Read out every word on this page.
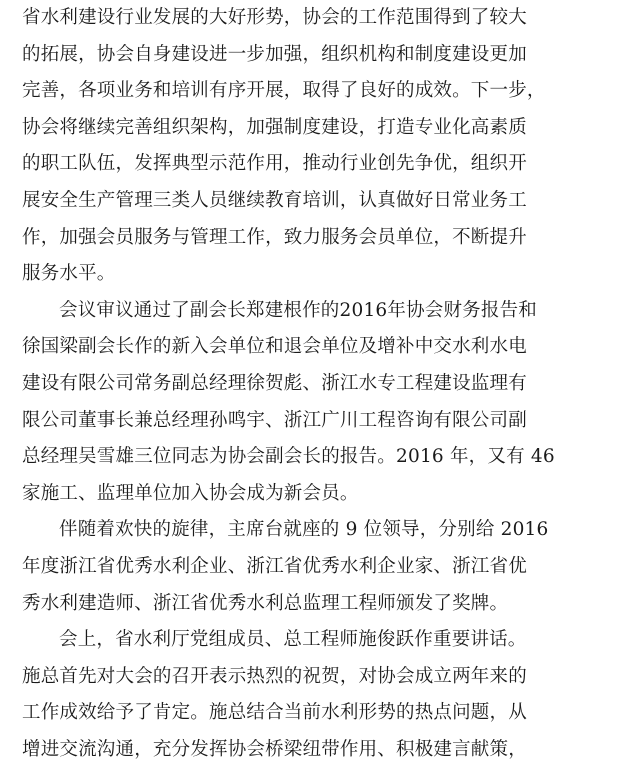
省水利建设行业发展的大好形势，协会的工作范围得到了较大
的拓展，协会自身建设进一步加强，组织机构和制度建设更加
完善，各项业务和培训有序开展，取得了良好的成效。下一步，
协会将继续完善组织架构，加强制度建设，打造专业化高素质
的职工队伍，发挥典型示范作用，推动行业创先争优，组织开
展安全生产管理三类人员继续教育培训，认真做好日常业务工
作，加强会员服务与管理工作，致力服务会员单位，不断提升
服务水平。
会议审议通过了副会长郑建根作的2016年协会财务报告和
徐国梁副会长作的新入会单位和退会单位及增补中交水利水电
建设有限公司常务副总经理徐贺彪、浙江水专工程建设监理有
限公司董事长兼总经理孙鸣宇、浙江广川工程咨询有限公司副
总经理吴雪雄三位同志为协会副会长的报告。2016 年，又有 46
家施工、监理单位加入协会成为新会员。
伴随着欢快的旋律，主席台就座的 9 位领导，分别给 2016
年度浙江省优秀水利企业、浙江省优秀水利企业家、浙江省优
秀水利建造师、浙江省优秀水利总监理工程师颁发了奖牌。
会上，省水利厅党组成员、总工程师施俊跃作重要讲话。
施总首先对大会的召开表示热烈的祝贺，对协会成立两年来的
工作成效给予了肯定。施总结合当前水利形势的热点问题，从
增进交流沟通，充分发挥协会桥梁纽带作用、积极建言献策，
